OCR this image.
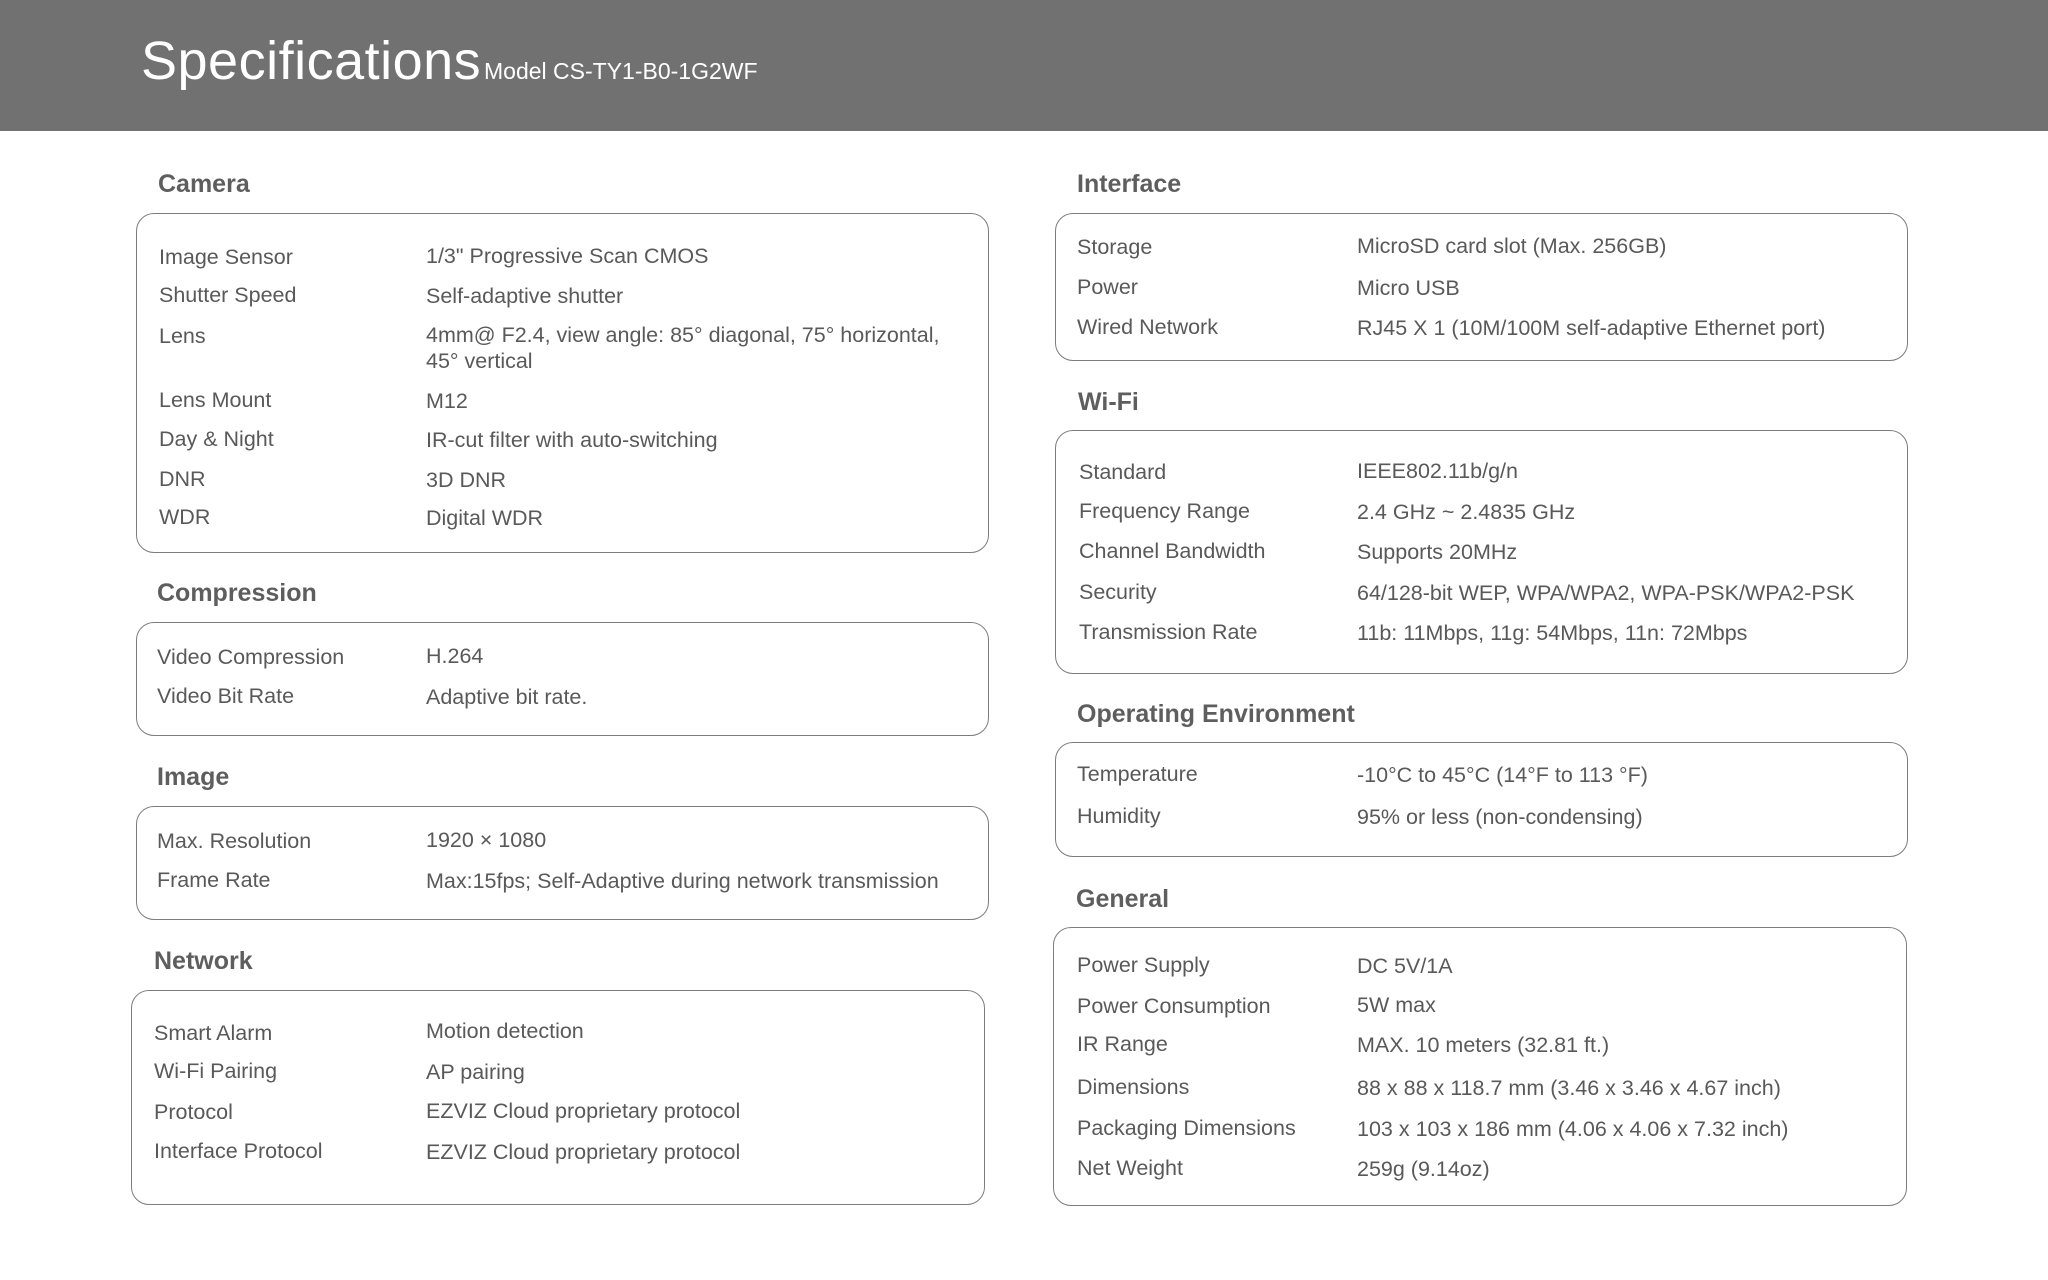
Specifications Model CS-TY1-B0-1G2WF
Camera
Image Sensor	1/3" Progressive Scan CMOS
Shutter Speed	Self-adaptive shutter
Lens	4mm@ F2.4, view angle: 85° diagonal, 75° horizontal, 45° vertical
Lens Mount	M12
Day & Night	IR-cut filter with auto-switching
DNR	3D DNR
WDR	Digital WDR
Compression
Video Compression	H.264
Video Bit Rate	Adaptive bit rate.
Image
Max. Resolution	1920 × 1080
Frame Rate	Max:15fps; Self-Adaptive during network transmission
Network
Smart Alarm	Motion detection
Wi-Fi Pairing	AP pairing
Protocol	EZVIZ Cloud proprietary protocol
Interface Protocol	EZVIZ Cloud proprietary protocol
Interface
Storage	MicroSD card slot (Max. 256GB)
Power	Micro USB
Wired Network	RJ45 X 1 (10M/100M self-adaptive Ethernet port)
Wi-Fi
Standard	IEEE802.11b/g/n
Frequency Range	2.4 GHz ~ 2.4835 GHz
Channel Bandwidth	Supports 20MHz
Security	64/128-bit WEP, WPA/WPA2, WPA-PSK/WPA2-PSK
Transmission Rate	11b: 11Mbps, 11g: 54Mbps, 11n: 72Mbps
Operating Environment
Temperature	-10°C to 45°C (14°F to 113 °F)
Humidity	95% or less (non-condensing)
General
Power Supply	DC 5V/1A
Power Consumption	5W max
IR Range	MAX. 10 meters (32.81 ft.)
Dimensions	88 x 88 x 118.7 mm (3.46 x 3.46 x 4.67 inch)
Packaging Dimensions	103 x 103 x 186 mm (4.06 x 4.06 x 7.32 inch)
Net Weight	259g (9.14oz)
